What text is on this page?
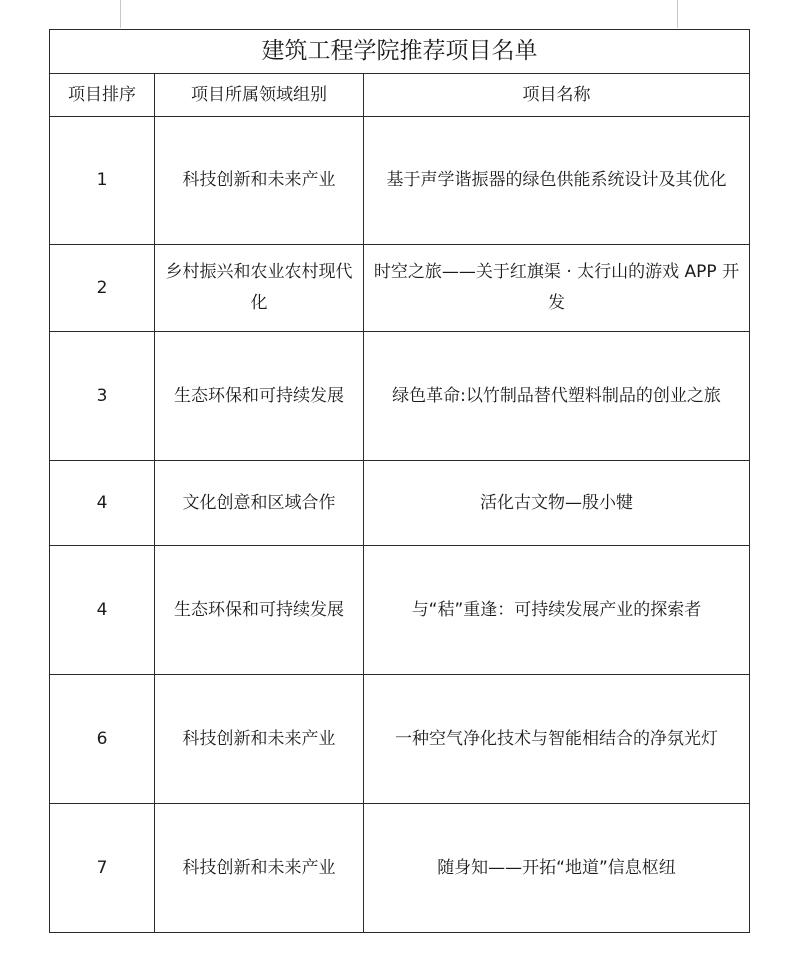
建筑工程学院推荐项目名单		
项目排序	项目所属领域组别	项目名称
1	科技创新和未来产业	基于声学谐振器的绿色供能系统设计及其优化
2	乡村振兴和农业农村现代化	时空之旅——关于红旗渠 · 太行山的游戏 APP 开发
3	生态环保和可持续发展	绿色革命:以竹制品替代塑料制品的创业之旅
4	文化创意和区域合作	活化古文物—殷小犍
4	生态环保和可持续发展	与“秸”重逢：可持续发展产业的探索者
6	科技创新和未来产业	一种空气净化技术与智能相结合的净氛光灯
7	科技创新和未来产业	随身知——开拓“地道”信息枢纽
